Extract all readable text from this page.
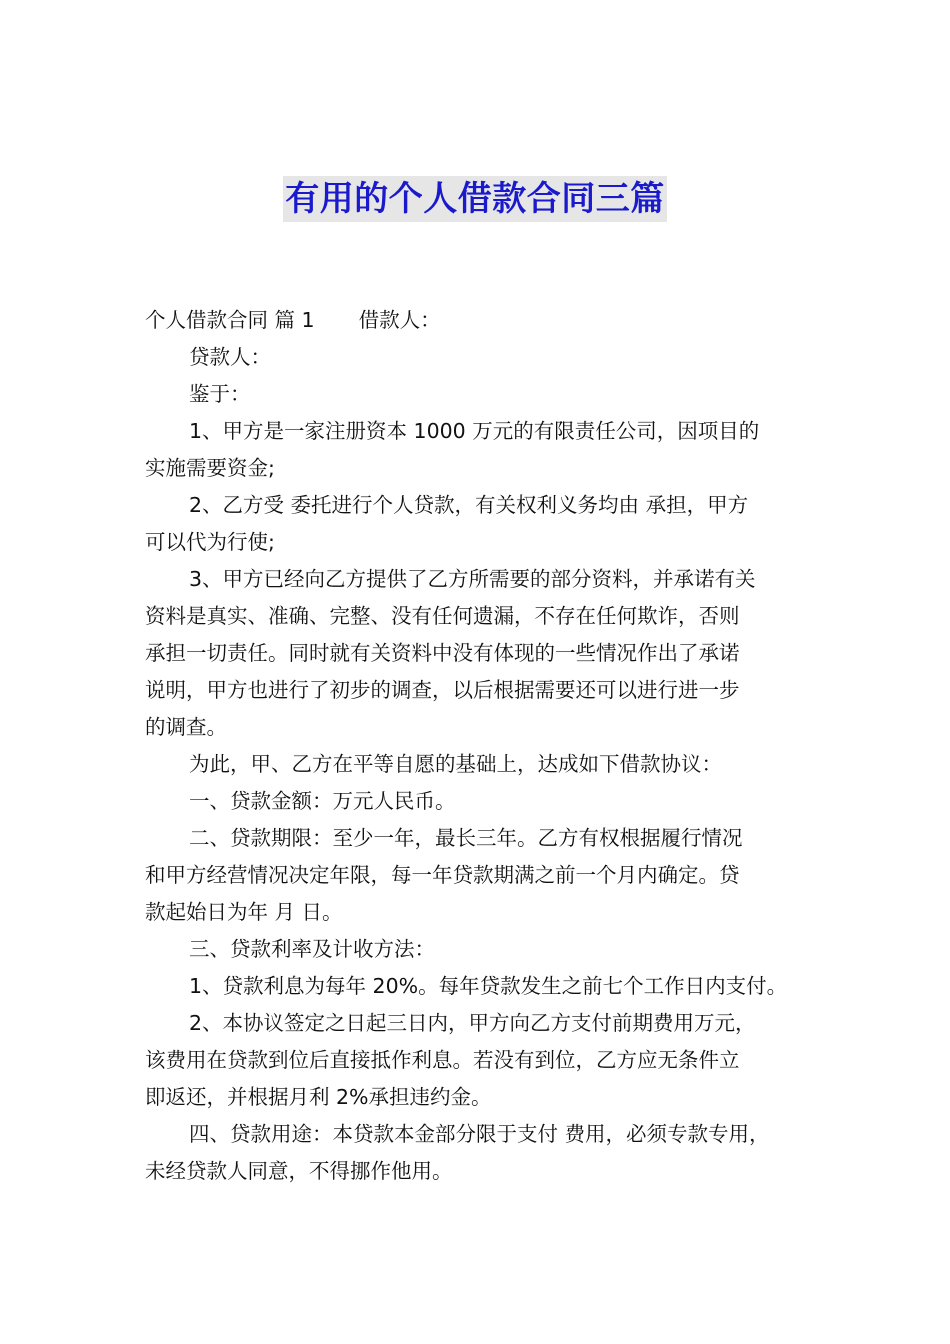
有用的个人借款合同三篇

个人借款合同 篇 1 借款人：

贷款人：

鉴于：

1、甲方是一家注册资本 1000 万元的有限责任公司，因项目的

实施需要资金;

2、乙方受 委托进行个人贷款，有关权利义务均由 承担，甲方

可以代为行使;

3、甲方已经向乙方提供了乙方所需要的部分资料，并承诺有关

资料是真实、准确、完整、没有任何遗漏，不存在任何欺诈，否则

承担一切责任。同时就有关资料中没有体现的一些情况作出了承诺

说明，甲方也进行了初步的调查，以后根据需要还可以进行进一步

的调查。

为此，甲、乙方在平等自愿的基础上，达成如下借款协议：

一、贷款金额：万元人民币。

二、贷款期限：至少一年，最长三年。乙方有权根据履行情况

和甲方经营情况决定年限，每一年贷款期满之前一个月内确定。贷

款起始日为年 月 日。

三、贷款利率及计收方法：

1、贷款利息为每年 20%。每年贷款发生之前七个工作日内支付。

2、本协议签定之日起三日内，甲方向乙方支付前期费用万元，

该费用在贷款到位后直接抵作利息。若没有到位，乙方应无条件立

即返还，并根据月利 2%承担违约金。

四、贷款用途：本贷款本金部分限于支付 费用，必须专款专用，

未经贷款人同意，不得挪作他用。
